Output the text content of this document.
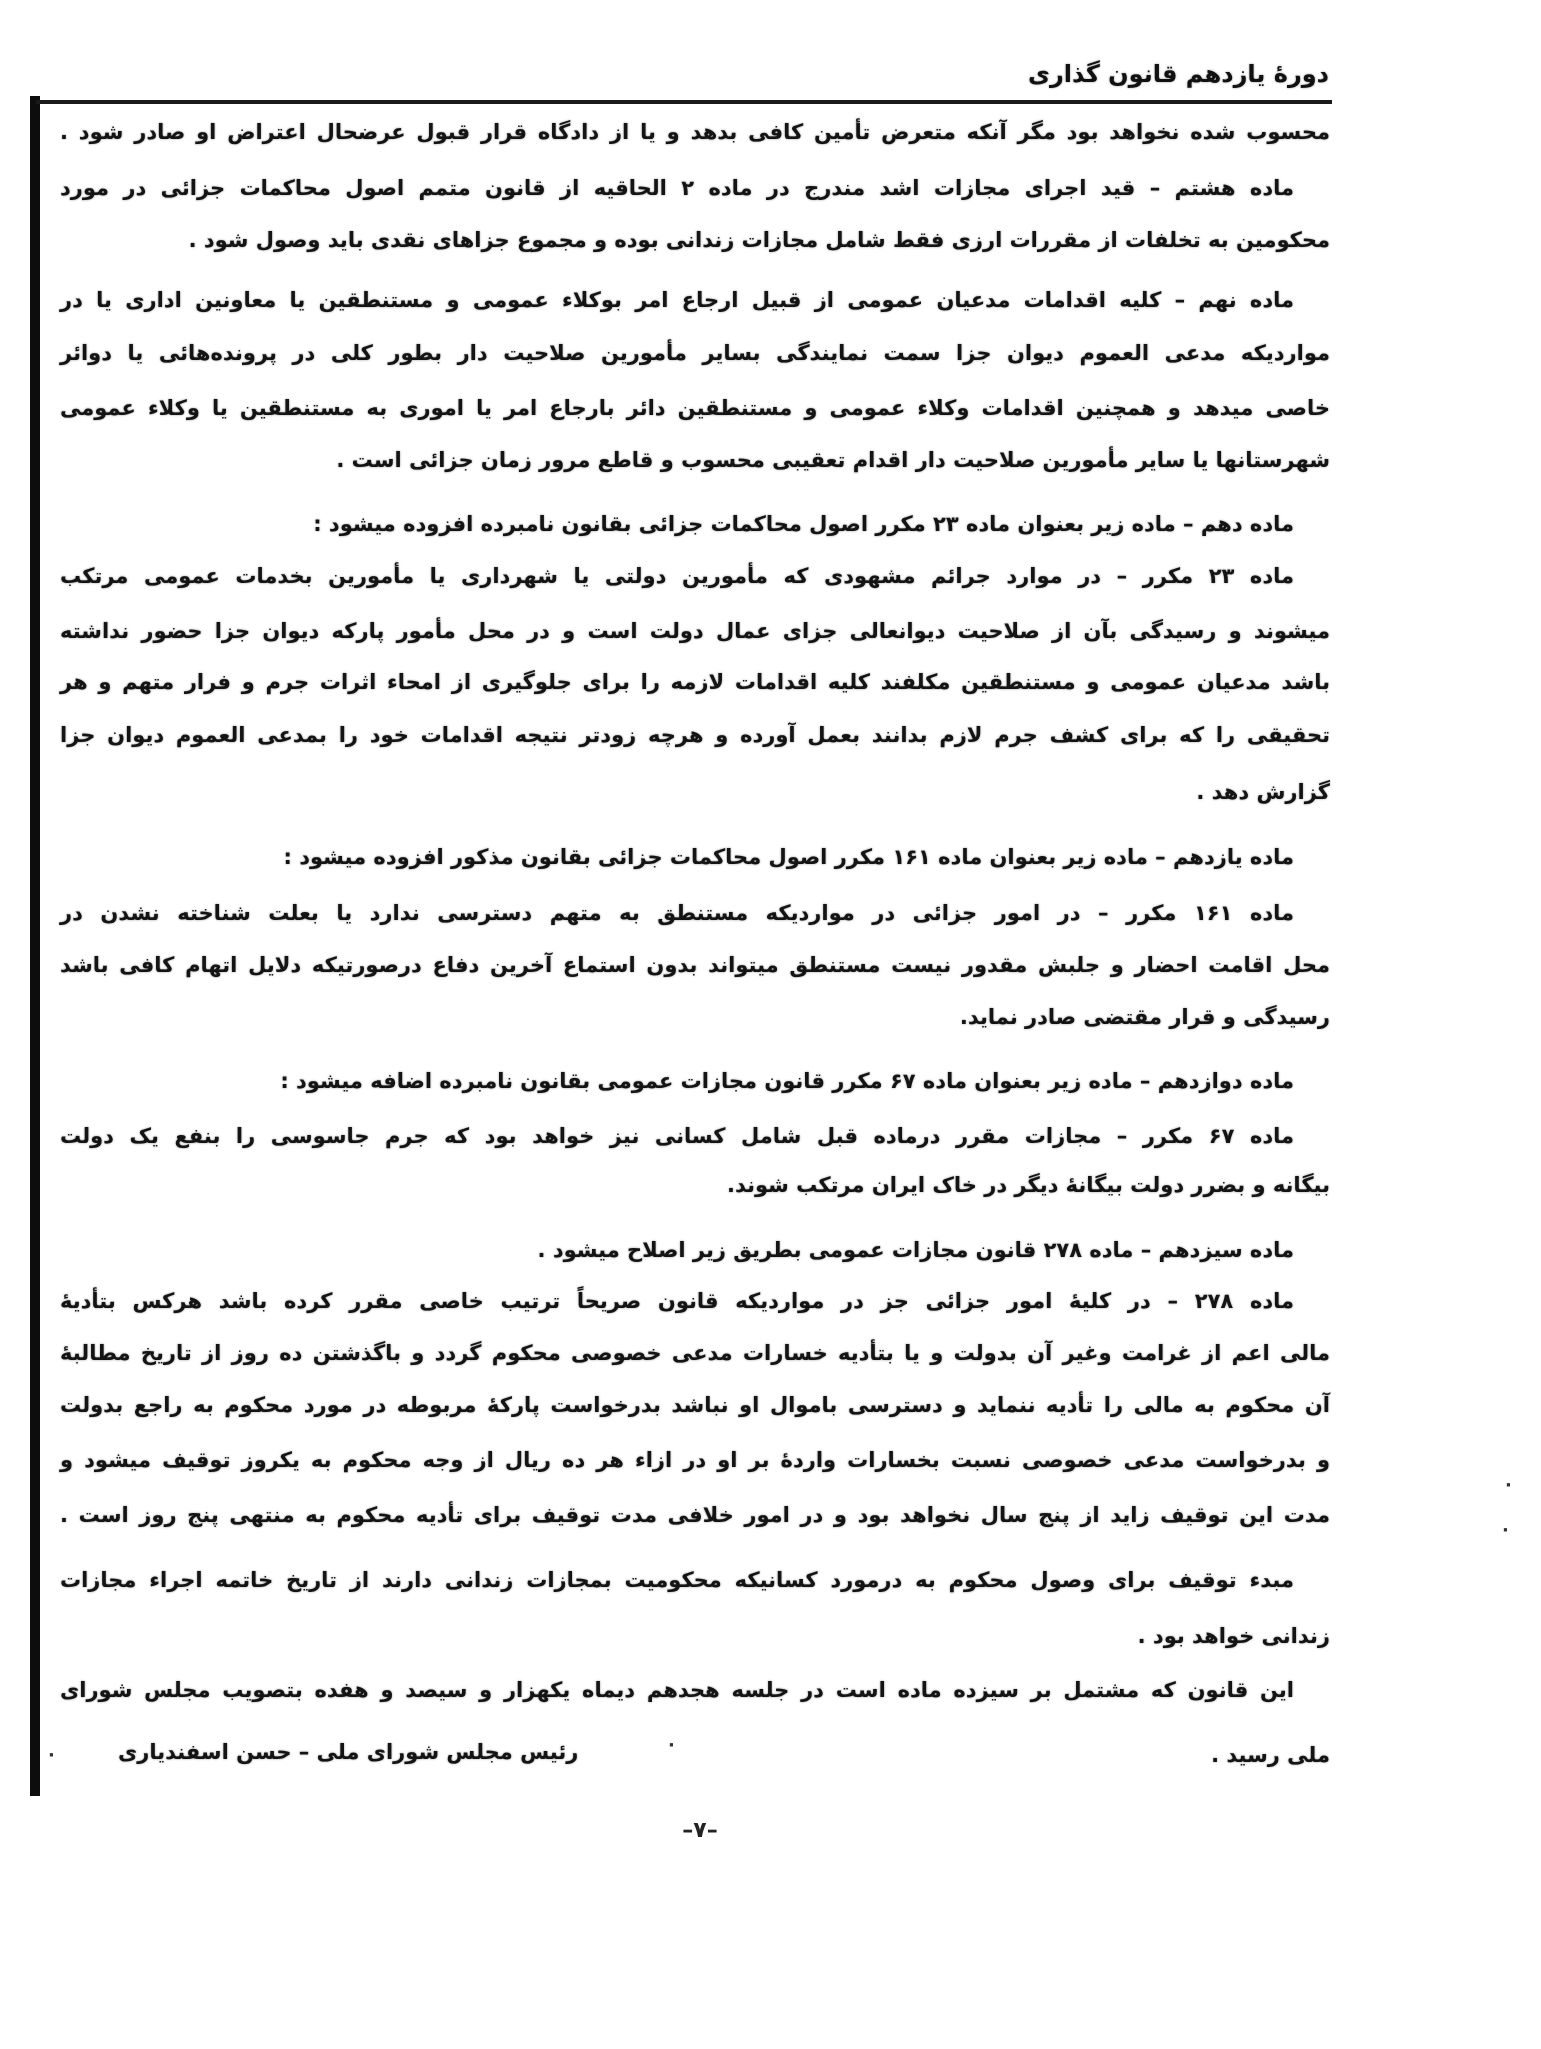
دورهٔ یازدهم قانون گذاری
محسوب شده نخواهد بود مگر آنکه متعرض تأمین کافی بدهد و یا از دادگاه قرار قبول عرضحال اعتراض او صادر شود .
ماده هشتم – قید اجرای مجازات اشد مندرج در ماده ۲ الحاقیه از قانون متمم اصول محاکمات جزائی در مورد
محکومین به تخلفات از مقررات ارزی فقط شامل مجازات زندانی بوده و مجموع جزاهای نقدی باید وصول شود .
ماده نهم – کلیه اقدامات مدعیان عمومی از قبیل ارجاع امر بوکلاء عمومی و مستنطقین یا معاونین اداری یا در
مواردیکه مدعی العموم دیوان جزا سمت نمایندگی بسایر مأمورین صلاحیت دار بطور کلی در پرونده‌هائی یا دوائر
خاصی میدهد و همچنین اقدامات وکلاء عمومی و مستنطقین دائر بارجاع امر یا اموری به مستنطقین یا وکلاء عمومی
شهرستانها یا سایر مأمورین صلاحیت دار اقدام تعقیبی محسوب و قاطع مرور زمان جزائی است .
ماده دهم – ماده زیر بعنوان ماده ۲۳ مکرر اصول محاکمات جزائی بقانون نامبرده افزوده میشود :
ماده ۲۳ مکرر – در موارد جرائم مشهودی که مأمورین دولتی یا شهرداری یا مأمورین بخدمات عمومی مرتکب
میشوند و رسیدگی بآن از صلاحیت دیوانعالی جزای عمال دولت است و در محل مأمور پارکه دیوان جزا حضور نداشته
باشد مدعیان عمومی و مستنطقین مکلفند کلیه اقدامات لازمه را برای جلوگیری از امحاء اثرات جرم و فرار متهم و هر
تحقیقی را که برای کشف جرم لازم بدانند بعمل آورده و هرچه زودتر نتیجه اقدامات خود را بمدعی العموم دیوان جزا
گزارش دهد .
ماده یازدهم – ماده زیر بعنوان ماده ۱۶۱ مکرر اصول محاکمات جزائی بقانون مذکور افزوده میشود :
ماده ۱۶۱ مکرر – در امور جزائی در مواردیکه مستنطق به متهم دسترسی ندارد یا بعلت شناخته نشدن در
محل اقامت احضار و جلبش مقدور نیست مستنطق میتواند بدون استماع آخرین دفاع درصورتیکه دلایل اتهام کافی باشد
رسیدگی و قرار مقتضی صادر نماید.
ماده دوازدهم – ماده زیر بعنوان ماده ۶۷ مکرر قانون مجازات عمومی بقانون نامبرده اضافه میشود :
ماده ۶۷ مکرر – مجازات مقرر درماده قبل شامل کسانی نیز خواهد بود که جرم جاسوسی را بنفع یک دولت
بیگانه و بضرر دولت بیگانهٔ دیگر در خاک ایران مرتکب شوند.
ماده سیزدهم – ماده ۲۷۸ قانون مجازات عمومی بطریق زیر اصلاح میشود .
ماده ۲۷۸ – در کلیهٔ امور جزائی جز در مواردیکه قانون صریحاً ترتیب خاصی مقرر کرده باشد هرکس بتأدیهٔ
مالی اعم از غرامت وغیر آن بدولت و یا بتأدیه خسارات مدعی خصوصی محکوم گردد و باگذشتن ده روز از تاریخ مطالبهٔ
آن محکوم به مالی را تأدیه ننماید و دسترسی باموال او نباشد بدرخواست پارکهٔ مربوطه در مورد محکوم به راجع بدولت
و بدرخواست مدعی خصوصی نسبت بخسارات واردهٔ بر او در ازاء هر ده ریال از وجه محکوم به یکروز توقیف میشود و
مدت این توقیف زاید از پنج سال نخواهد بود و در امور خلافی مدت توقیف برای تأدیه محکوم به منتهی پنج روز است .
مبدء توقیف برای وصول محکوم به درمورد کسانیکه محکومیت بمجازات زندانی دارند از تاریخ خاتمه اجراء مجازات
زندانی خواهد بود .
این قانون که مشتمل بر سیزده ماده است در جلسه هجدهم دیماه یکهزار و سیصد و هفده بتصویب مجلس شورای
ملی رسید .
رئیس مجلس شورای ملی – حسن اسفندیاری	·
·
·
·
–۷–
